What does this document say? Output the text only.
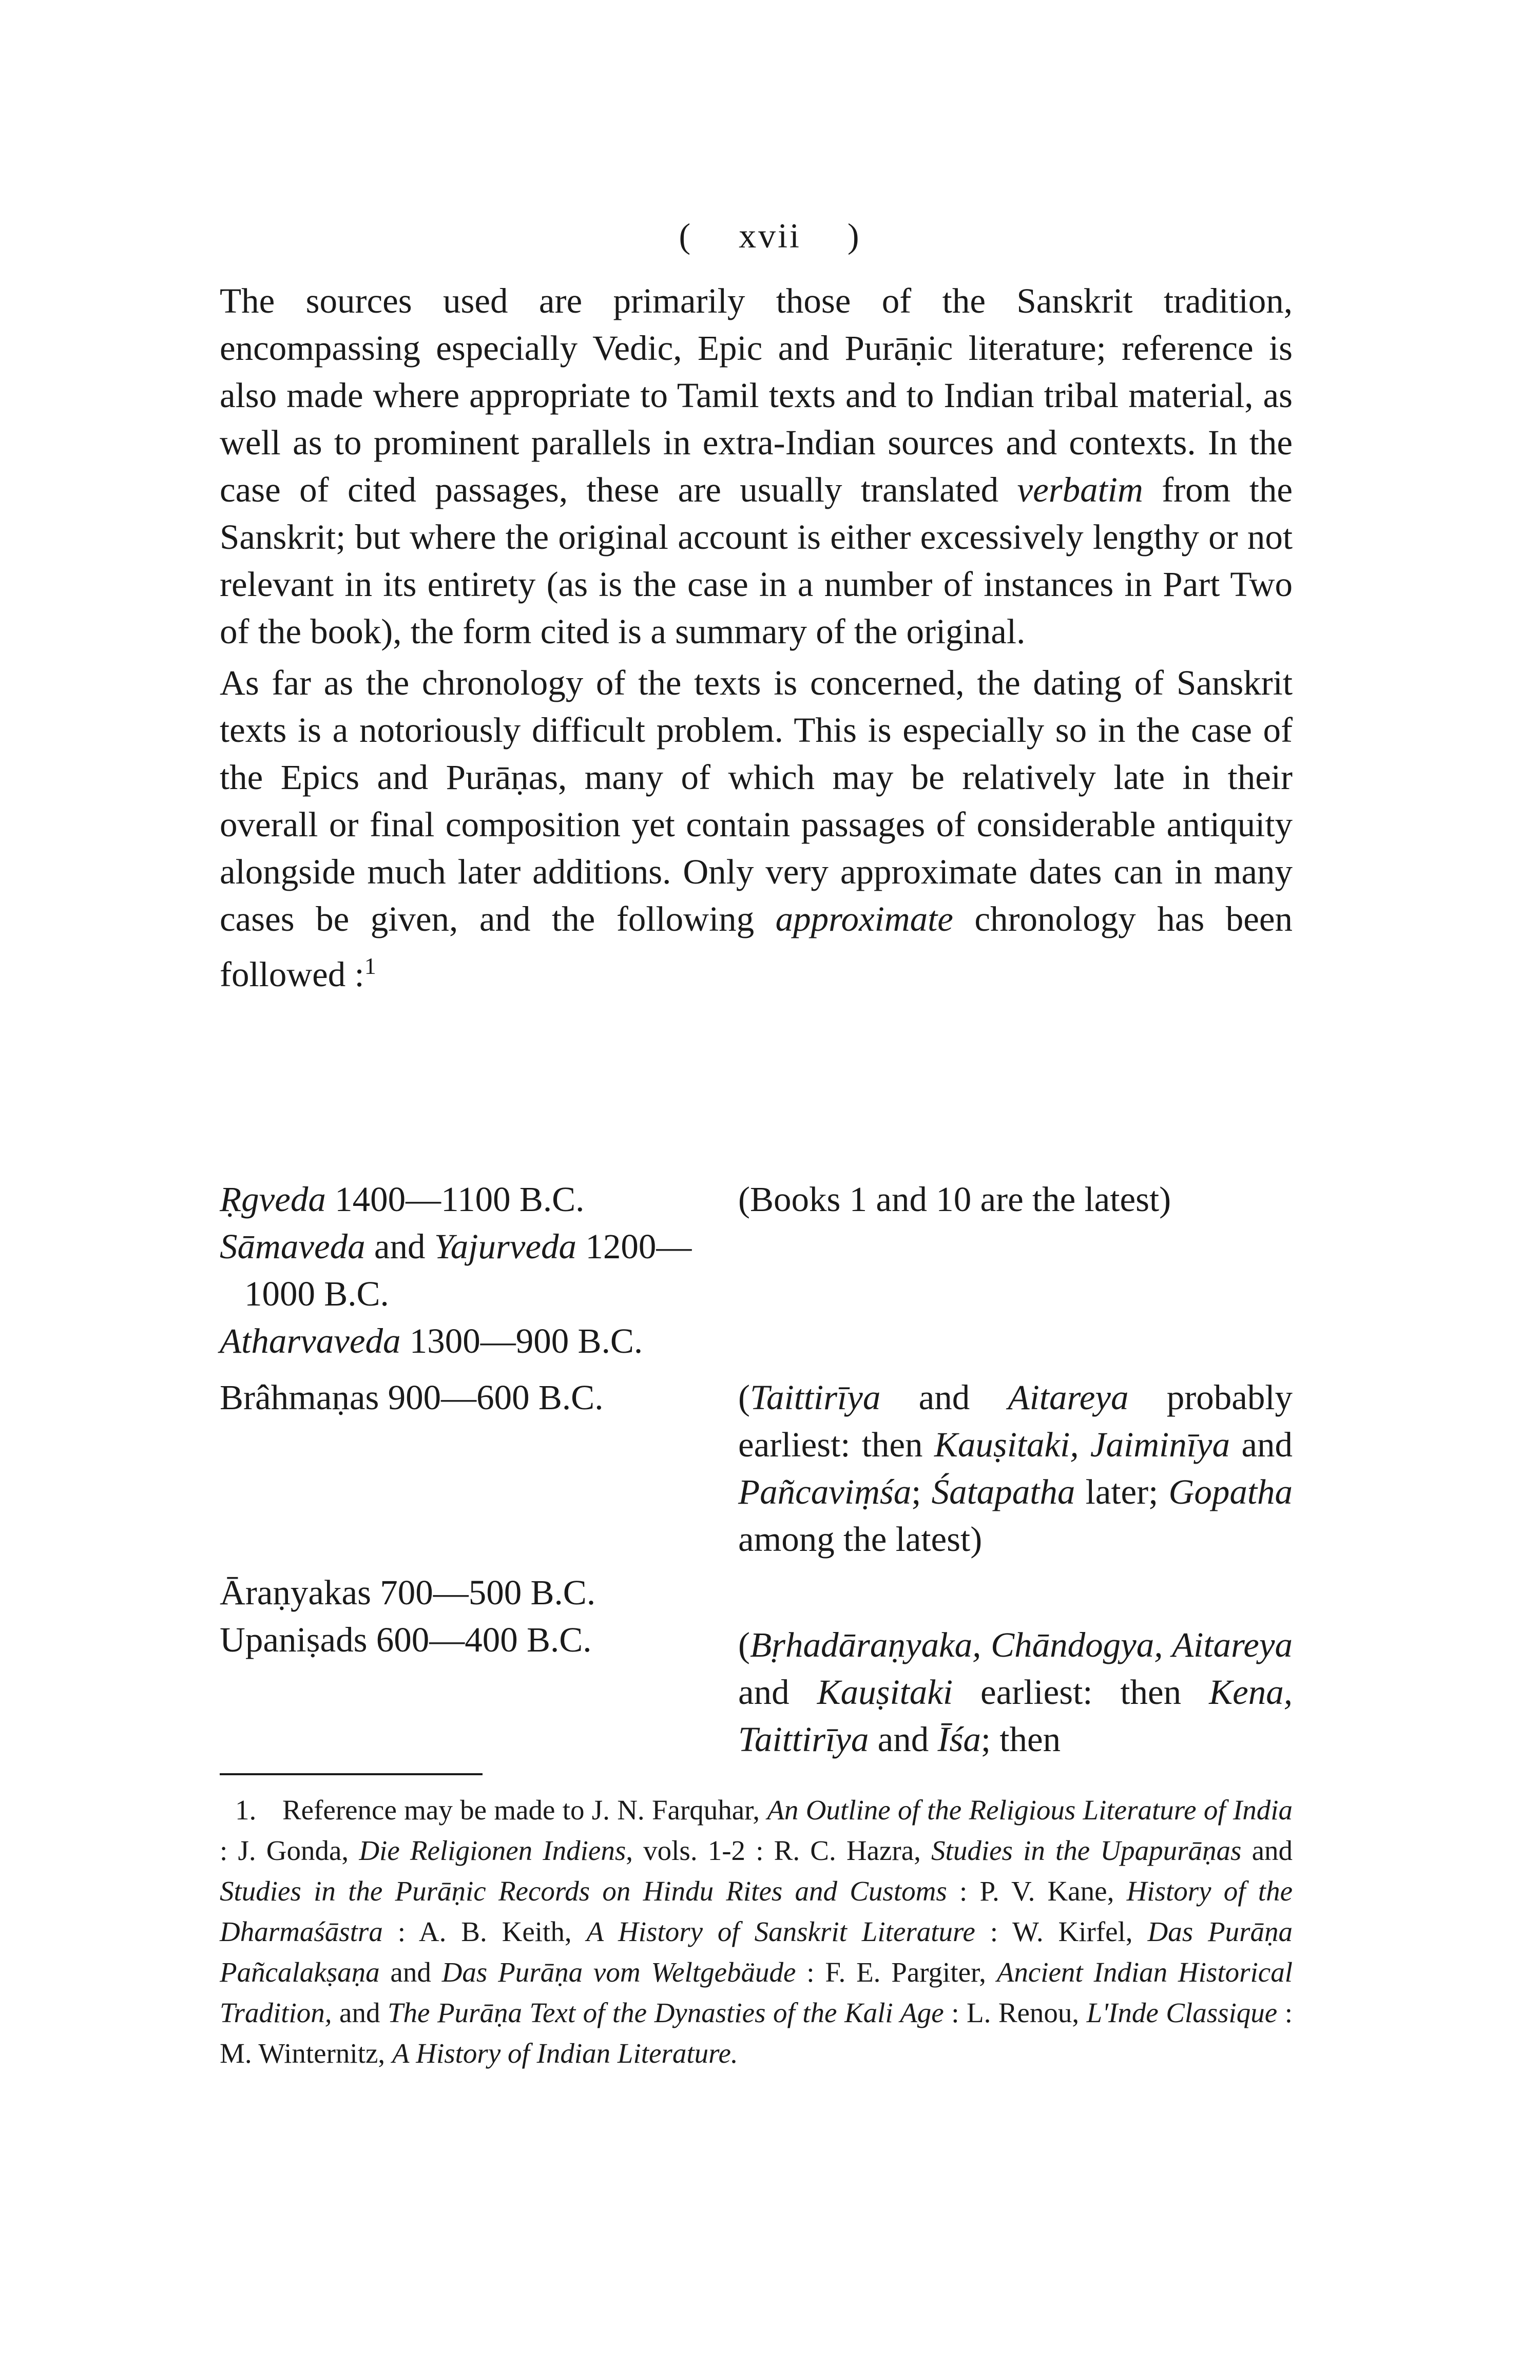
( xvii )

The sources used are primarily those of the Sanskrit tradition, encompassing especially Vedic, Epic and Purāṇic literature; reference is also made where appropriate to Tamil texts and to Indian tribal material, as well as to prominent parallels in extra-Indian sources and contexts. In the case of cited passages, these are usually translated verbatim from the Sanskrit; but where the original account is either excessively lengthy or not relevant in its entirety (as is the case in a number of instances in Part Two of the book), the form cited is a summary of the original.

As far as the chronology of the texts is concerned, the dating of Sanskrit texts is a notoriously difficult problem. This is especially so in the case of the Epics and Purāṇas, many of which may be relatively late in their overall or final composition yet contain passages of considerable antiquity alongside much later additions. Only very approximate dates can in many cases be given, and the following approximate chronology has been followed :$^1$

Ṛgveda 1400—1100 B.C.	(Books 1 and 10 are the latest)
Sāmaveda and Yajurveda 1200—
1000 B.C.
Atharvaveda 1300—900 B.C.
Brâhmaṇas 900—600 B.C.	(Taittirīya and Aitareya probably earliest: then Kauṣitaki, Jaiminīya and Pañcaviṃśa; Śatapatha later; Gopatha among the latest)
Āraṇyakas 700—500 B.C.
Upaniṣads 600—400 B.C.	(Bṛhadāraṇyaka, Chāndogya, Aitareya and Kauṣitaki earliest: then Kena, Taittirīya and Īśa; then
1. Reference may be made to J. N. Farquhar, An Outline of the Religious Literature of India : J. Gonda, Die Religionen Indiens, vols. 1-2 : R. C. Hazra, Studies in the Upapurāṇas and Studies in the Purāṇic Records on Hindu Rites and Customs : P. V. Kane, History of the Dharmaśāstra : A. B. Keith, A History of Sanskrit Literature : W. Kirfel, Das Purāṇa Pañcalakṣaṇa and Das Purāṇa vom Weltgebäude : F. E. Pargiter, Ancient Indian Historical Tradition, and The Purāṇa Text of the Dynasties of the Kali Age : L. Renou, L'Inde Classique : M. Winternitz, A History of Indian Literature.
